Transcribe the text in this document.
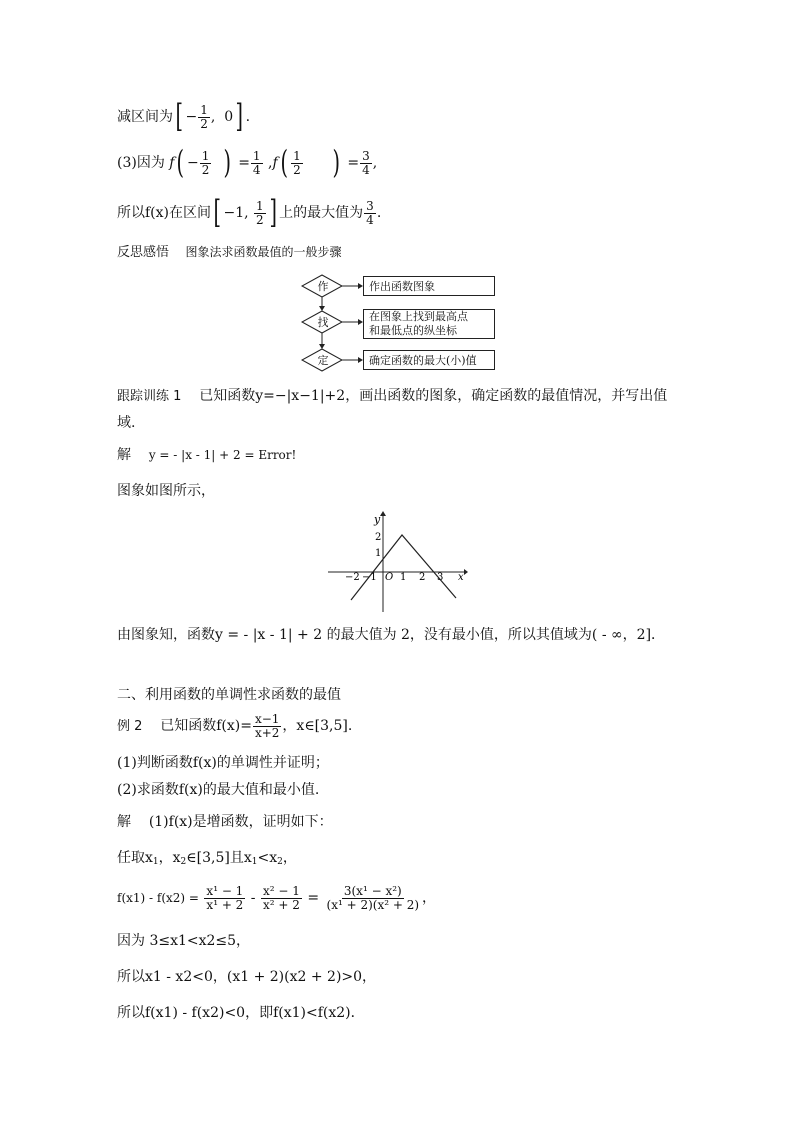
减区间为[ − $\frac{1}{2}$ , 0] .
(3)因为 $f( - \frac{1}{2}$ ) = $\frac{1}{4} ,f( \frac{1}{2}$ ) = $\frac{3}{4}$ ,
所以f(x)在区间[ −1, $\frac{1}{2}$ ] 上的最大值为 $\frac{3}{4}$ .
反思感悟 图象法求函数最值的一般步骤
作
找
定
作出函数图象
在图象上找到最高点
和最低点的纵坐标
确定函数的最大(小)值
跟踪训练 1 已知函数y=−|x−1|+2，画出函数的图象，确定函数的最值情况，并写出值
域.
解 y = - |x - 1| + 2 = Error!
图象如图所示，
y
x
O
−2 −1 1 2 3
2
1
由图象知，函数y = - |x - 1| + 2 的最大值为 2，没有最小值，所以其值域为( - ∞，2]．
二、利用函数的单调性求函数的最值
例 2 已知函数$f(x)= \frac{x-1}{x+2}$ ，x∈[3,5].
(1)判断函数f(x)的单调性并证明；
(2)求函数f(x)的最大值和最小值.
解 (1)f(x)是增函数，证明如下：
任取$x_1$，$x_2\in[3,5]$且$x_1<x_2$，
$f(x1) - f(x2) = \frac{\text{x¹ − 1}}{\text{x¹ + 2}} - \frac{\text{x² − 1}}{\text{x² + 2}} = \frac{\text{3(x¹ − x²)}}{\text{(x¹ + 2)(x² + 2)}}$ ，
因为 3≤x1<x2≤5，
所以x1 - x2<0，(x1 + 2)(x2 + 2)>0，
所以f(x1) - f(x2)<0，即f(x1)<f(x2)．
